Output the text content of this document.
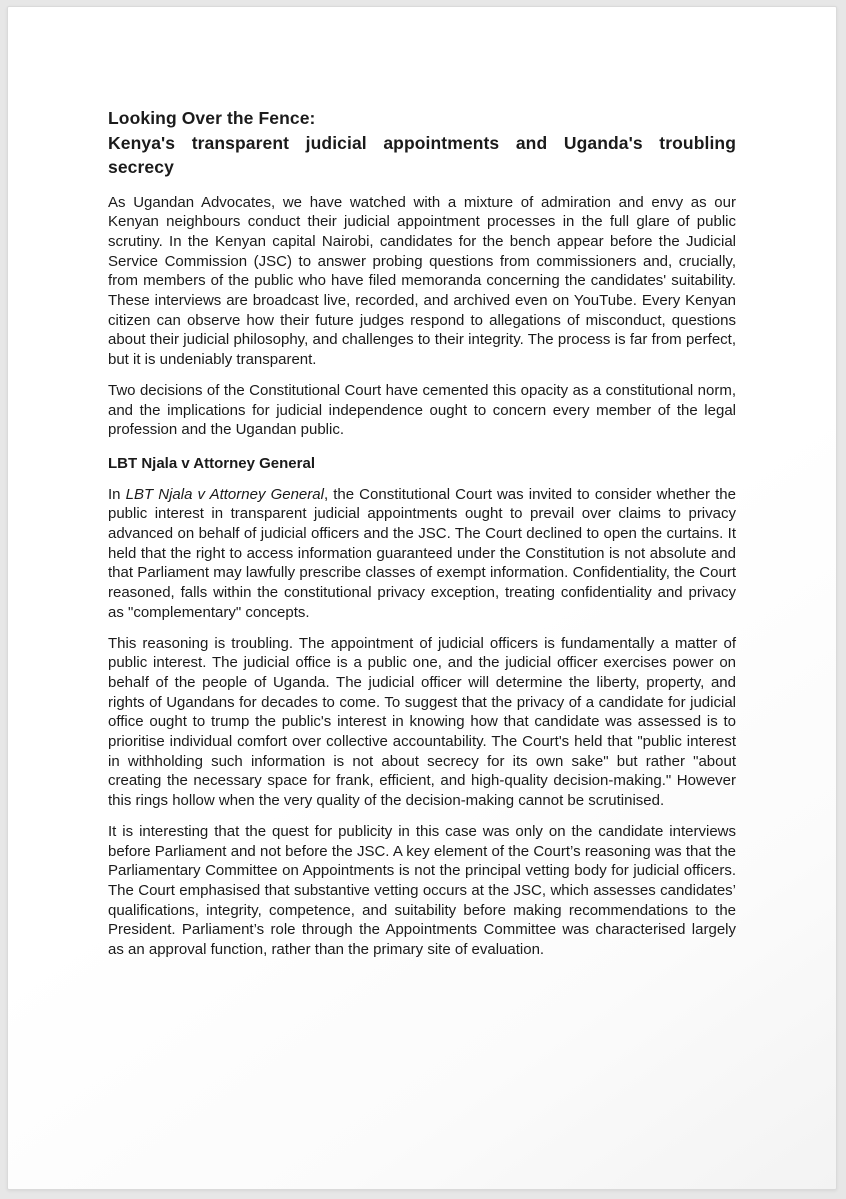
Looking Over the Fence:
Kenya's transparent judicial appointments and Uganda's troubling secrecy

As Ugandan Advocates, we have watched with a mixture of admiration and envy as our Kenyan neighbours conduct their judicial appointment processes in the full glare of public scrutiny. In the Kenyan capital Nairobi, candidates for the bench appear before the Judicial Service Commission (JSC) to answer probing questions from commissioners and, crucially, from members of the public who have filed memoranda concerning the candidates' suitability. These interviews are broadcast live, recorded, and archived even on YouTube. Every Kenyan citizen can observe how their future judges respond to allegations of misconduct, questions about their judicial philosophy, and challenges to their integrity. The process is far from perfect, but it is undeniably transparent.

Two decisions of the Constitutional Court have cemented this opacity as a constitutional norm, and the implications for judicial independence ought to concern every member of the legal profession and the Ugandan public.

LBT Njala v Attorney General

In LBT Njala v Attorney General, the Constitutional Court was invited to consider whether the public interest in transparent judicial appointments ought to prevail over claims to privacy advanced on behalf of judicial officers and the JSC. The Court declined to open the curtains. It held that the right to access information guaranteed under the Constitution is not absolute and that Parliament may lawfully prescribe classes of exempt information. Confidentiality, the Court reasoned, falls within the constitutional privacy exception, treating confidentiality and privacy as "complementary" concepts.

This reasoning is troubling. The appointment of judicial officers is fundamentally a matter of public interest. The judicial office is a public one, and the judicial officer exercises power on behalf of the people of Uganda. The judicial officer will determine the liberty, property, and rights of Ugandans for decades to come. To suggest that the privacy of a candidate for judicial office ought to trump the public's interest in knowing how that candidate was assessed is to prioritise individual comfort over collective accountability. The Court's held that "public interest in withholding such information is not about secrecy for its own sake" but rather "about creating the necessary space for frank, efficient, and high-quality decision-making." However this rings hollow when the very quality of the decision-making cannot be scrutinised.

It is interesting that the quest for publicity in this case was only on the candidate interviews before Parliament and not before the JSC. A key element of the Court’s reasoning was that the Parliamentary Committee on Appointments is not the principal vetting body for judicial officers. The Court emphasised that substantive vetting occurs at the JSC, which assesses candidates’ qualifications, integrity, competence, and suitability before making recommendations to the President. Parliament’s role through the Appointments Committee was characterised largely as an approval function, rather than the primary site of evaluation.
